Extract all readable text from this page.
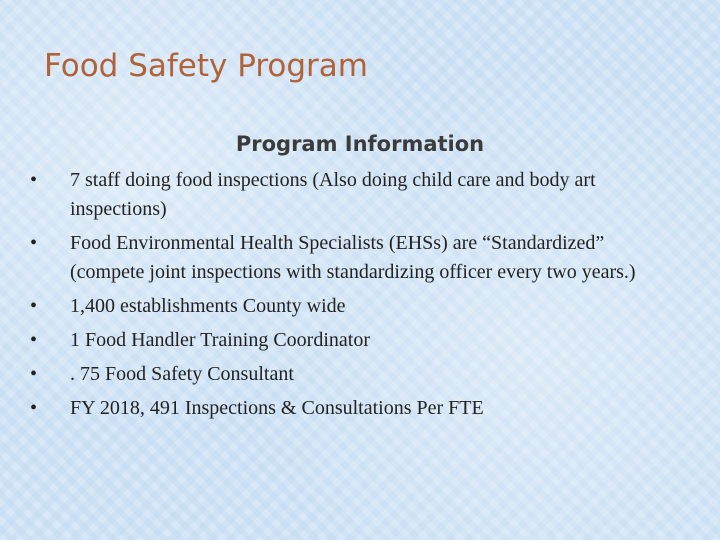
Food Safety Program
Program Information
•	7 staff doing food inspections (Also doing child care and body art inspections)
•	Food Environmental Health Specialists (EHSs) are “Standardized” (compete joint inspections with standardizing officer every two years.)
•	1,400 establishments County wide
•	1 Food Handler Training Coordinator
•	. 75 Food Safety Consultant
•	FY 2018, 491 Inspections & Consultations Per FTE
